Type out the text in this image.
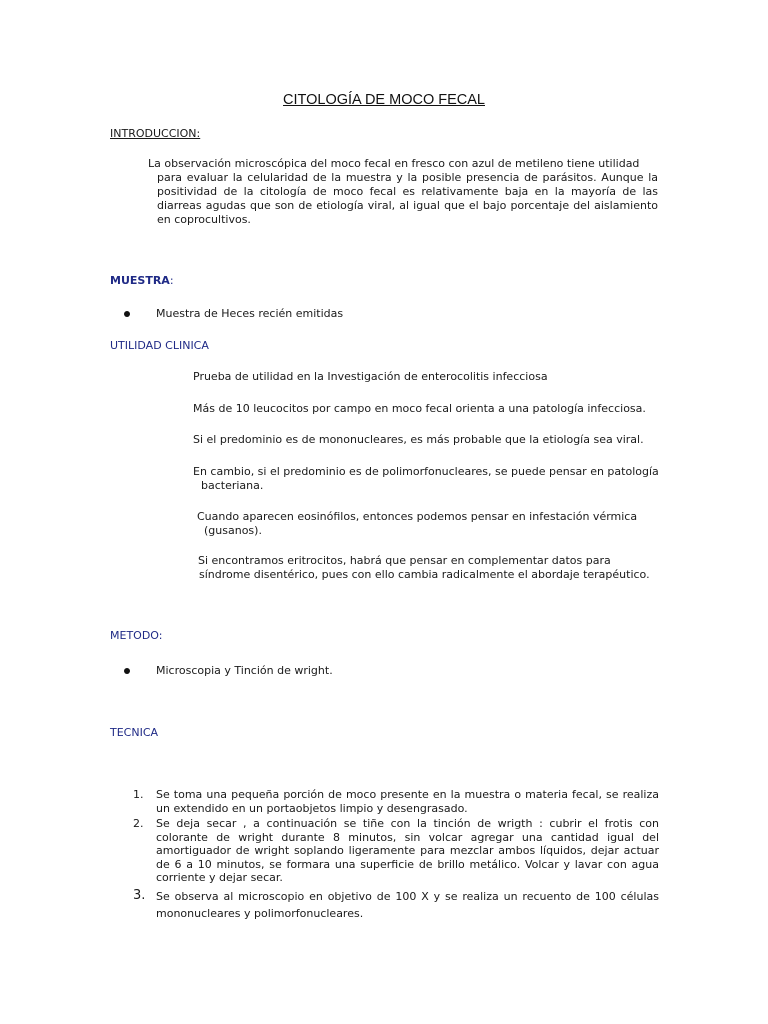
CITOLOGÍA DE MOCO FECAL
INTRODUCCION:
La observación microscópica del moco fecal en fresco con azul de metileno tiene utilidad
para evaluar la celularidad de la muestra y la posible presencia de parásitos. Aunque la positividad de la citología de moco fecal es relativamente baja en la mayoría de las diarreas agudas que son de etiología viral, al igual que el bajo porcentaje del aislamiento en coprocultivos.
MUESTRA:
Muestra de Heces recién emitidas
UTILIDAD CLINICA
Prueba de utilidad en la Investigación de enterocolitis infecciosa
Más de 10 leucocitos por campo en moco fecal orienta a una patología infecciosa.
Si el predominio es de mononucleares, es más probable que la etiología sea viral.
En cambio, si el predominio es de polimorfonucleares, se puede pensar en patología
bacteriana.
Cuando aparecen eosinófilos, entonces podemos pensar en infestación vérmica
(gusanos).
Si encontramos eritrocitos, habrá que pensar en complementar datos para
síndrome disentérico, pues con ello cambia radicalmente el abordaje terapéutico.
METODO:
Microscopia y Tinción de wright.
TECNICA
1.	Se toma una pequeña porción de moco presente en la muestra o materia fecal, se realiza un extendido en un portaobjetos limpio y desengrasado.
2.	Se deja secar , a continuación se tiñe con la tinción de wrigth : cubrir el frotis con colorante de wright durante 8 minutos, sin volcar agregar una cantidad igual del amortiguador de wright soplando ligeramente para mezclar ambos líquidos, dejar actuar de 6 a 10 minutos, se formara una superficie de brillo metálico. Volcar y lavar con agua corriente y dejar secar.
3. Se observa al microscopio en objetivo de 100 X y se realiza un recuento de 100 células mononucleares y polimorfonucleares.
